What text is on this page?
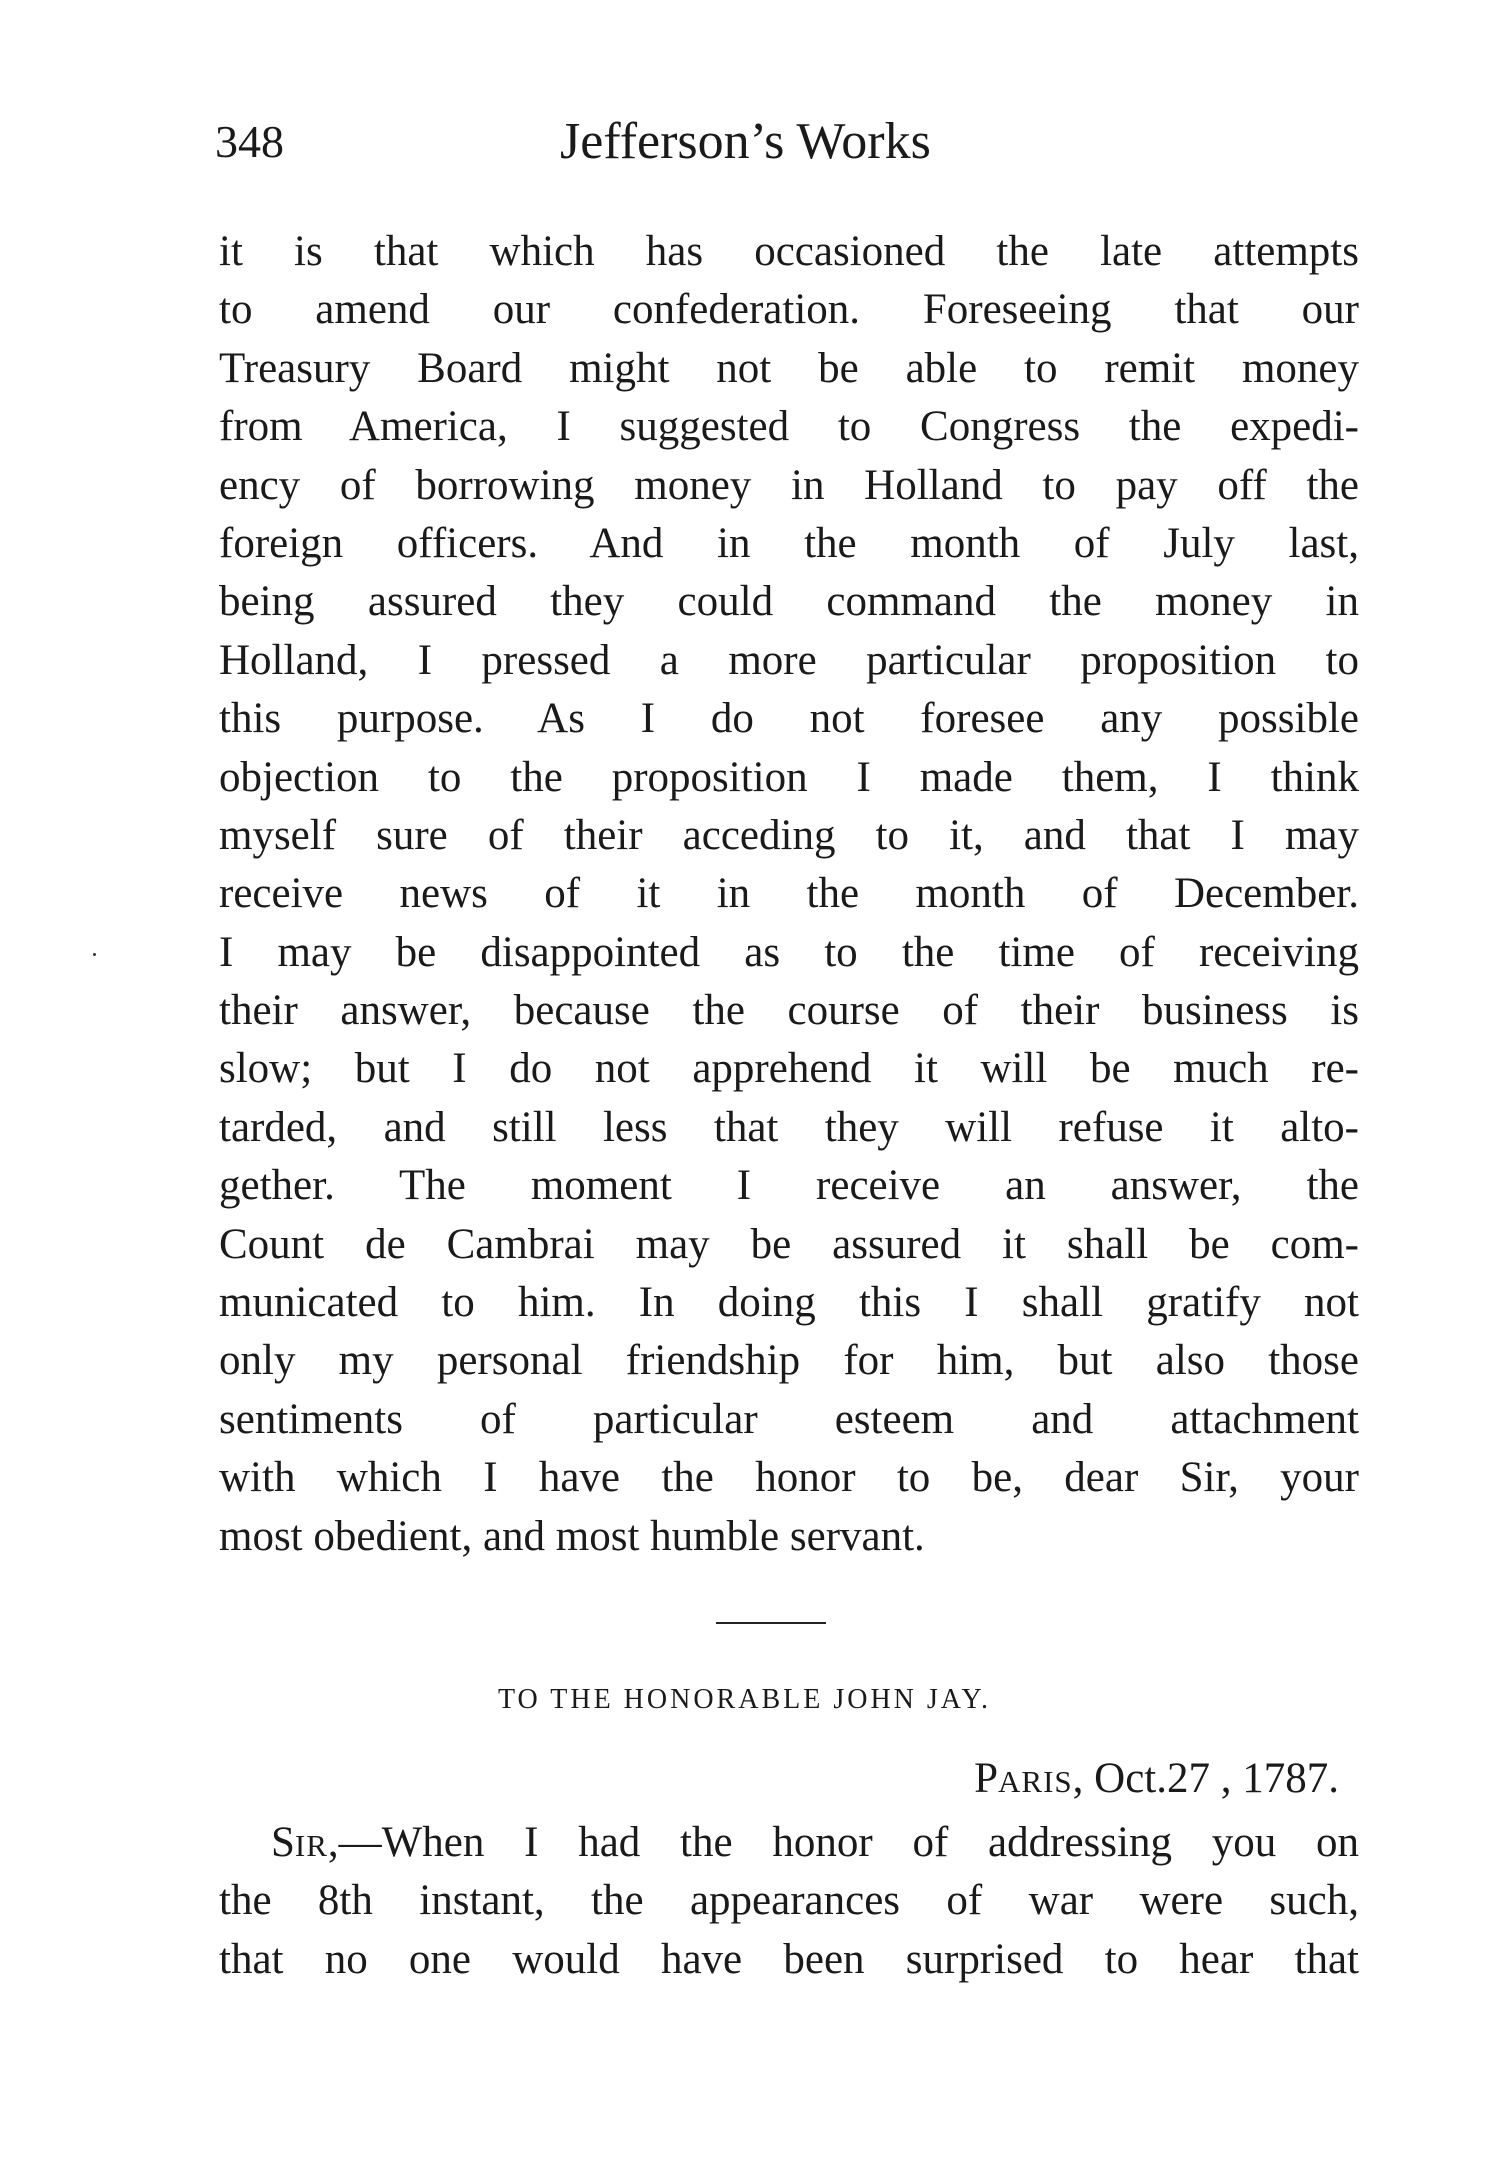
348	Jefferson’s Works
it is that which has occasioned the late attempts
to amend our confederation. Foreseeing that our
Treasury Board might not be able to remit money
from America, I suggested to Congress the expedi-
ency of borrowing money in Holland to pay off the
foreign officers. And in the month of July last,
being assured they could command the money in
Holland, I pressed a more particular proposition to
this purpose. As I do not foresee any possible
objection to the proposition I made them, I think
myself sure of their acceding to it, and that I may
receive news of it in the month of December.
I may be disappointed as to the time of receiving
their answer, because the course of their business is
slow; but I do not apprehend it will be much re-
tarded, and still less that they will refuse it alto-
gether. The moment I receive an answer, the
Count de Cambrai may be assured it shall be com-
municated to him. In doing this I shall gratify not
only my personal friendship for him, but also those
sentiments of particular esteem and attachment
with which I have the honor to be, dear Sir, your
most obedient, and most humble servant.
TO THE HONORABLE JOHN JAY.
PARIS, Oct.27 , 1787.
SIR,—When I had the honor of addressing you on
the 8th instant, the appearances of war were such,
that no one would have been surprised to hear that
